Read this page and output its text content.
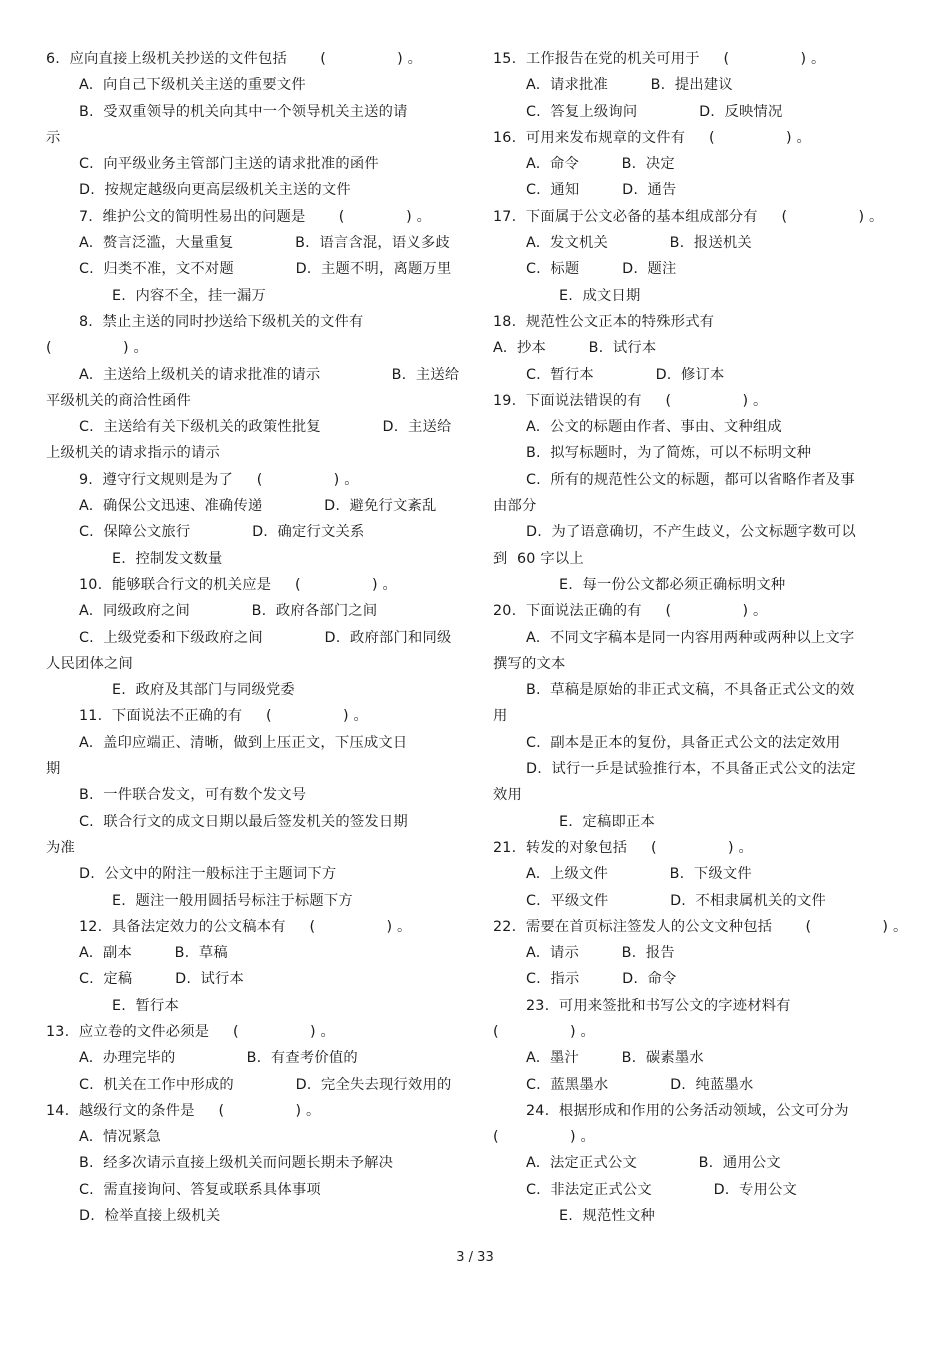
6.  应向直接上级机关抄送的文件包括       (               ) 。
A.  向自己下级机关主送的重要文件
B.  受双重领导的机关向其中一个领导机关主送的请
示
C.  向平级业务主管部门主送的请求批准的函件
D.  按规定越级向更高层级机关主送的文件
7.  维护公文的简明性易出的问题是       (             ) 。
A.  赘言泛滥，大量重复             B.  语言含混，语义多歧
C.  归类不准，文不对题             D.  主题不明，离题万里
E.  内容不全，挂一漏万
8.  禁止主送的同时抄送给下级机关的文件有
(               ) 。
A.  主送给上级机关的请求批准的请示               B.  主送给
平级机关的商洽性函件
C.  主送给有关下级机关的政策性批复             D.  主送给
上级机关的请求指示的请示
9.  遵守行文规则是为了     (               ) 。
A.  确保公文迅速、准确传递             D.  避免行文紊乱
C.  保障公文旅行             D.  确定行文关系
E.  控制发文数量
10.  能够联合行文的机关应是     (               ) 。
A.  同级政府之间             B.  政府各部门之间
C.  上级党委和下级政府之间             D.  政府部门和同级
人民团体之间
E.  政府及其部门与同级党委
11.  下面说法不正确的有     (               ) 。
A.  盖印应端正、清晰，做到上压正文，下压成文日
期
B.  一件联合发文，可有数个发文号
C.  联合行文的成文日期以最后签发机关的签发日期
为准
D.  公文中的附注一般标注于主题词下方
E.  题注一般用圆括号标注于标题下方
12.  具备法定效力的公文稿本有     (               ) 。
A.  副本         B.  草稿
C.  定稿         D.  试行本
E.  暂行本
13.  应立卷的文件必须是     (               ) 。
A.  办理完毕的               B.  有查考价值的
C.  机关在工作中形成的             D.  完全失去现行效用的
14.  越级行文的条件是     (               ) 。
A.  情况紧急
B.  经多次请示直接上级机关而问题长期未予解决
C.  需直接询问、答复或联系具体事项
D.  检举直接上级机关
15.  工作报告在党的机关可用于     (               ) 。
A.  请求批准         B.  提出建议
C.  答复上级询问             D.  反映情况
16.  可用来发布规章的文件有     (               ) 。
A.  命令         B.  决定
C.  通知         D.  通告
17.  下面属于公文必备的基本组成部分有     (               ) 。
A.  发文机关             B.  报送机关
C.  标题         D.  题注
E.  成文日期
18.  规范性公文正本的特殊形式有
A.  抄本         B.  试行本
C.  暂行本             D.  修订本
19.  下面说法错误的有     (               ) 。
A.  公文的标题由作者、事由、文种组成
B.  拟写标题时，为了简炼，可以不标明文种
C.  所有的规范性公文的标题，都可以省略作者及事
由部分
D.  为了语意确切，不产生歧义，公文标题字数可以
到  60 字以上
E.  每一份公文都必须正确标明文种
20.  下面说法正确的有     (               ) 。
A.  不同文字稿本是同一内容用两种或两种以上文字
撰写的文本
B.  草稿是原始的非正式文稿，不具备正式公文的效
用
C.  副本是正本的复份，具备正式公文的法定效用
D.  试行一乒是试验推行本，不具备正式公文的法定
效用
E.  定稿即正本
21.  转发的对象包括     (               ) 。
A.  上级文件             B.  下级文件
C.  平级文件             D.  不相隶属机关的文件
22.  需要在首页标注签发人的公文文种包括       (               ) 。
A.  请示         B.  报告
C.  指示         D.  命令
23.  可用来签批和书写公文的字迹材料有
(               ) 。
A.  墨汁         B.  碳素墨水
C.  蓝黑墨水             D.  纯蓝墨水
24.  根据形成和作用的公务活动领域，公文可分为
(               ) 。
A.  法定正式公文             B.  通用公文
C.  非法定正式公文             D.  专用公文
E.  规范性文种
3 / 33
